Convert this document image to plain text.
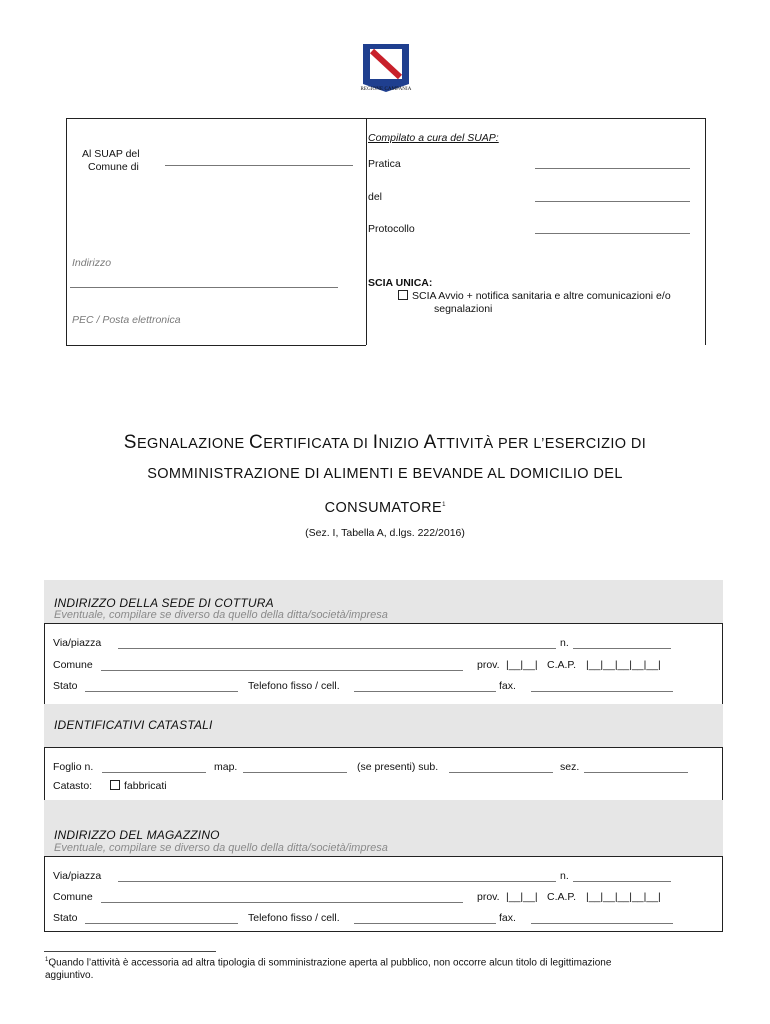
REGIONE CAMPANIA
Al SUAP del
Comune di
Indirizzo
PEC / Posta elettronica
Compilato a cura del SUAP:
Pratica
del
Protocollo
SCIA UNICA:
SCIA Avvio + notifica sanitaria e altre comunicazioni e/o
segnalazioni
SEGNALAZIONE CERTIFICATA DI INIZIO ATTIVITÀ PER L’ESERCIZIO DI
SOMMINISTRAZIONE DI ALIMENTI E BEVANDE AL DOMICILIO DEL
CONSUMATORE$^1$
(Sez. I, Tabella A, d.lgs. 222/2016)
INDIRIZZO DELLA SEDE DI COTTURA
Eventuale, compilare se diverso da quello della ditta/società/impresa
Via/piazza	n.
Comune	prov. |__|__| C.A.P. |__|__|__|__|__|
Stato	Telefono fisso / cell.	fax.
IDENTIFICATIVI CATASTALI
Foglio n.	map.	(se presenti) sub.	sez.
Catasto:	fabbricati
INDIRIZZO DEL MAGAZZINO
Eventuale, compilare se diverso da quello della ditta/società/impresa
Via/piazza	n.
Comune	prov. |__|__| C.A.P. |__|__|__|__|__|
Stato	Telefono fisso / cell.	fax.
$^1$Quando l’attività è accessoria ad altra tipologia di somministrazione aperta al pubblico, non occorre alcun titolo di legittimazione
aggiuntivo.
